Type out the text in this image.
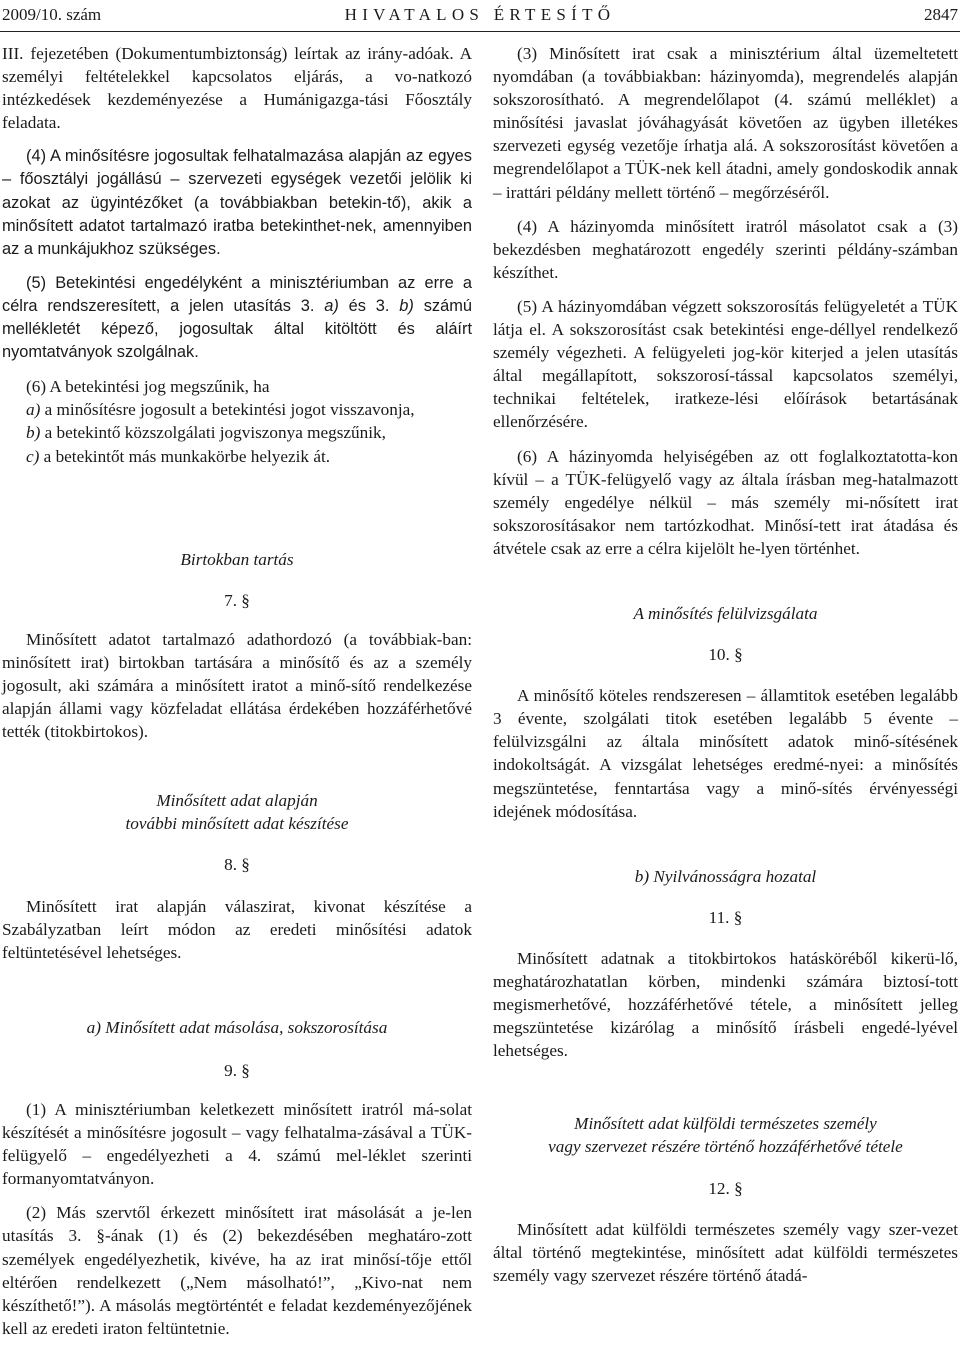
2009/10. szám	HIVATALOS ÉRTESÍTŐ	2847

III. fejezetében (Dokumentumbiztonság) leírtak az irány-adóak. A személyi feltételekkel kapcsolatos eljárás, a vo-natkozó intézkedések kezdeményezése a Humánigazga-tási Főosztály feladata.

(4) A minősítésre jogosultak felhatalmazása alapján az egyes – főosztályi jogállású – szervezeti egységek vezetői jelölik ki azokat az ügyintézőket (a továbbiakban betekin-tő), akik a minősített adatot tartalmazó iratba betekinthet-nek, amennyiben az a munkájukhoz szükséges.

(5) Betekintési engedélyként a minisztériumban az erre a célra rendszeresített, a jelen utasítás 3. a) és 3. b) számú mellékletét képező, jogosultak által kitöltött és aláírt nyomtatványok szolgálnak.

(6) A betekintési jog megszűnik, ha

a) a minősítésre jogosult a betekintési jogot visszavonja,

b) a betekintő közszolgálati jogviszonya megszűnik,

c) a betekintőt más munkakörbe helyezik át.

Birtokban tartás

7. §

Minősített adatot tartalmazó adathordozó (a továbbiak-ban: minősített irat) birtokban tartására a minősítő és az a személy jogosult, aki számára a minősített iratot a minő-sítő rendelkezése alapján állami vagy közfeladat ellátása érdekében hozzáférhetővé tették (titokbirtokos).

Minősített adat alapján

további minősített adat készítése

8. §

Minősített irat alapján válaszirat, kivonat készítése a Szabályzatban leírt módon az eredeti minősítési adatok feltüntetésével lehetséges.

a) Minősített adat másolása, sokszorosítása

9. §

(1) A minisztériumban keletkezett minősített iratról má-solat készítését a minősítésre jogosult – vagy felhatalma-zásával a TÜK-felügyelő – engedélyezheti a 4. számú mel-léklet szerinti formanyomtatványon.

(2) Más szervtől érkezett minősített irat másolását a je-len utasítás 3. §-ának (1) és (2) bekezdésében meghatáro-zott személyek engedélyezhetik, kivéve, ha az irat minősí-tője ettől eltérően rendelkezett („Nem másolható!”, „Kivo-nat nem készíthető!”). A másolás megtörténtét e feladat kezdeményezőjének kell az eredeti iraton feltüntetnie.

(3) Minősített irat csak a minisztérium által üzemeltetett nyomdában (a továbbiakban: házinyomda), megrendelés alapján sokszorosítható. A megrendelőlapot (4. számú melléklet) a minősítési javaslat jóváhagyását követően az ügyben illetékes szervezeti egység vezetője írhatja alá. A sokszorosítást követően a megrendelőlapot a TÜK-nek kell átadni, amely gondoskodik annak – irattári példány mellett történő – megőrzéséről.

(4) A házinyomda minősített iratról másolatot csak a (3) bekezdésben meghatározott engedély szerinti példány-számban készíthet.

(5) A házinyomdában végzett sokszorosítás felügyeletét a TÜK látja el. A sokszorosítást csak betekintési enge-déllyel rendelkező személy végezheti. A felügyeleti jog-kör kiterjed a jelen utasítás által megállapított, sokszorosí-tással kapcsolatos személyi, technikai feltételek, iratkeze-lési előírások betartásának ellenőrzésére.

(6) A házinyomda helyiségében az ott foglalkoztatotta-kon kívül – a TÜK-felügyelő vagy az általa írásban meg-hatalmazott személy engedélye nélkül – más személy mi-nősített irat sokszorosításakor nem tartózkodhat. Minősí-tett irat átadása és átvétele csak az erre a célra kijelölt he-lyen történhet.

A minősítés felülvizsgálata

10. §

A minősítő köteles rendszeresen – államtitok esetében legalább 3 évente, szolgálati titok esetében legalább 5 évente – felülvizsgálni az általa minősített adatok minő-sítésének indokoltságát. A vizsgálat lehetséges eredmé-nyei: a minősítés megszüntetése, fenntartása vagy a minő-sítés érvényességi idejének módosítása.

b) Nyilvánosságra hozatal

11. §

Minősített adatnak a titokbirtokos hatásköréből kikerü-lő, meghatározhatatlan körben, mindenki számára biztosí-tott megismerhetővé, hozzáférhetővé tétele, a minősített jelleg megszüntetése kizárólag a minősítő írásbeli engedé-lyével lehetséges.

Minősített adat külföldi természetes személy

vagy szervezet részére történő hozzáférhetővé tétele

12. §

Minősített adat külföldi természetes személy vagy szer-vezet által történő megtekintése, minősített adat külföldi természetes személy vagy szervezet részére történő átadá-
